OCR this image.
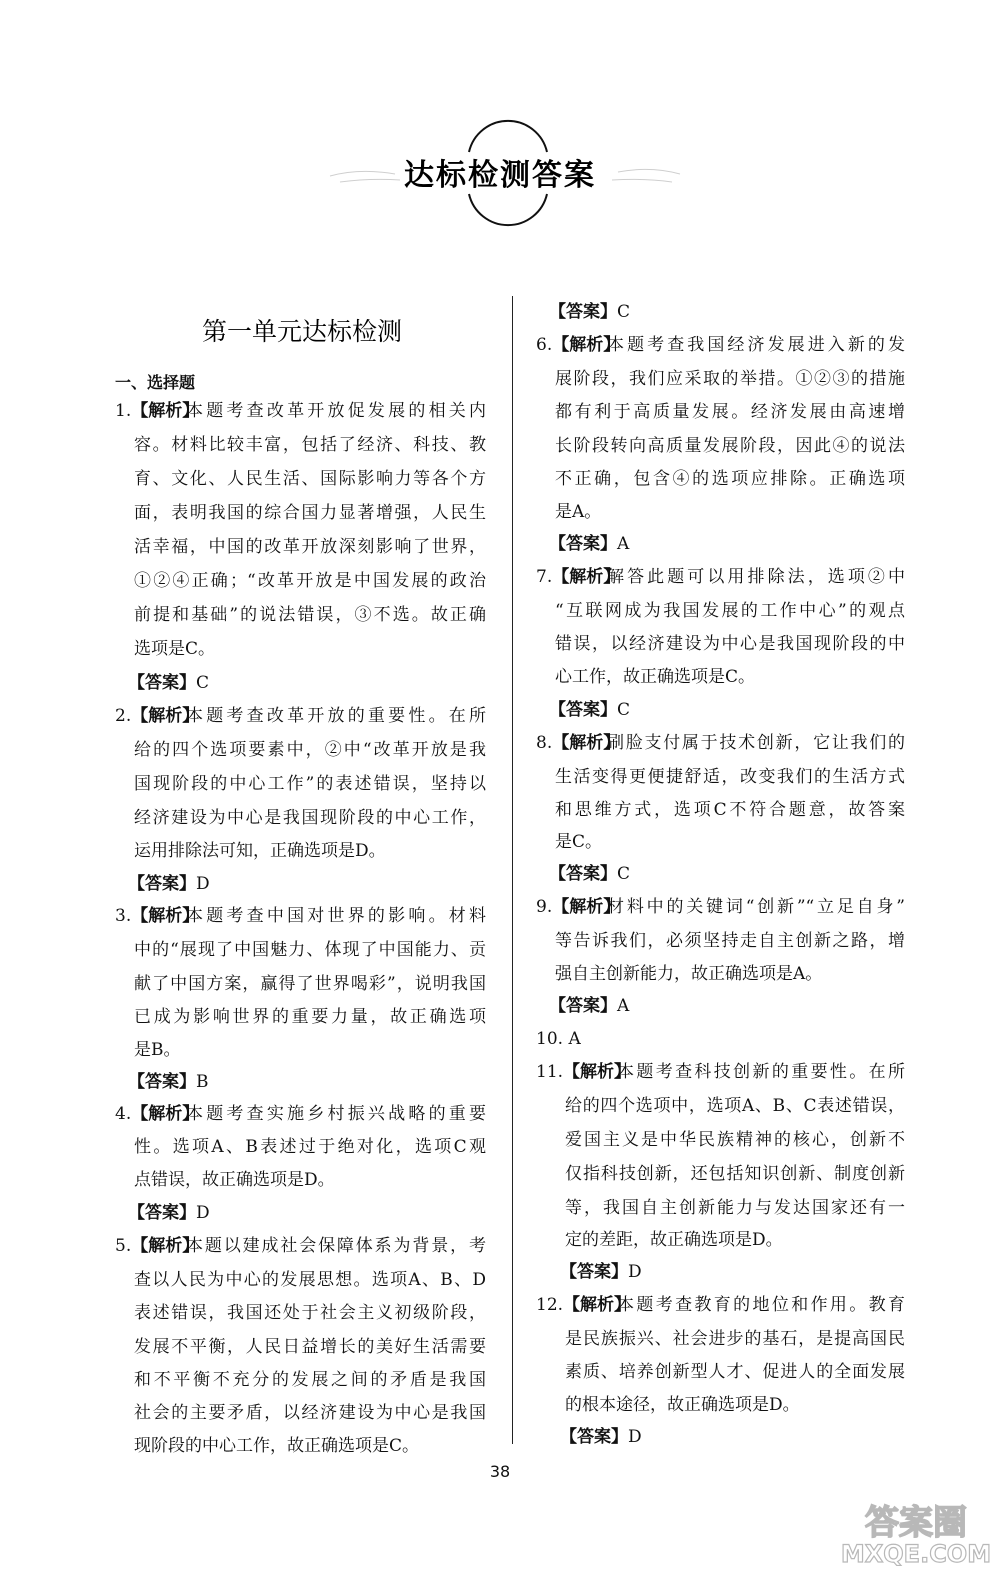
达标检测答案
第一单元达标检测
一、选择题
1.【解析】
本题考查改革开放促发展的相关内
容。材料比较丰富，包括了经济、科技、教
育、文化、人民生活、国际影响力等各个方
面，表明我国的综合国力显著增强，人民生
活幸福，中国的改革开放深刻影响了世界，
①②④正确；“改革开放是中国发展的政治
前提和基础”的说法错误，③不选。故正确
选项是C。
【答案】C
2.【解析】
本题考查改革开放的重要性。在所
给的四个选项要素中，②中“改革开放是我
国现阶段的中心工作”的表述错误，坚持以
经济建设为中心是我国现阶段的中心工作，
运用排除法可知，正确选项是D。
【答案】D
3.【解析】
本题考查中国对世界的影响。材料
中的“展现了中国魅力、体现了中国能力、贡
献了中国方案，赢得了世界喝彩”，说明我国
已成为影响世界的重要力量，故正确选项
是B。
【答案】B
4.【解析】
本题考查实施乡村振兴战略的重要
性。选项A、B表述过于绝对化，选项C观
点错误，故正确选项是D。
【答案】D
5.【解析】
本题以建成社会保障体系为背景，考
查以人民为中心的发展思想。选项A、B、D
表述错误，我国还处于社会主义初级阶段，
发展不平衡，人民日益增长的美好生活需要
和不平衡不充分的发展之间的矛盾是我国
社会的主要矛盾，以经济建设为中心是我国
现阶段的中心工作，故正确选项是C。
【答案】C
6.【解析】
本题考查我国经济发展进入新的发
展阶段，我们应采取的举措。①②③的措施
都有利于高质量发展。经济发展由高速增
长阶段转向高质量发展阶段，因此④的说法
不正确，包含④的选项应排除。正确选项
是A。
【答案】A
7.【解析】
解答此题可以用排除法，选项②中
“互联网成为我国发展的工作中心”的观点
错误，以经济建设为中心是我国现阶段的中
心工作，故正确选项是C。
【答案】C
8.【解析】
刷脸支付属于技术创新，它让我们的
生活变得更便捷舒适，改变我们的生活方式
和思维方式，选项C不符合题意，故答案
是C。
【答案】C
9.【解析】
材料中的关键词“创新”“立足自身”
等告诉我们，必须坚持走自主创新之路，增
强自主创新能力，故正确选项是A。
【答案】A
10. A
11.【解析】
本题考查科技创新的重要性。在所
给的四个选项中，选项A、B、C表述错误，
爱国主义是中华民族精神的核心，创新不
仅指科技创新，还包括知识创新、制度创新
等，我国自主创新能力与发达国家还有一
定的差距，故正确选项是D。
【答案】D
12.【解析】
本题考查教育的地位和作用。教育
是民族振兴、社会进步的基石，是提高国民
素质、培养创新型人才、促进人的全面发展
的根本途径，故正确选项是D。
【答案】D
38
答案圈
MXQE.COM
